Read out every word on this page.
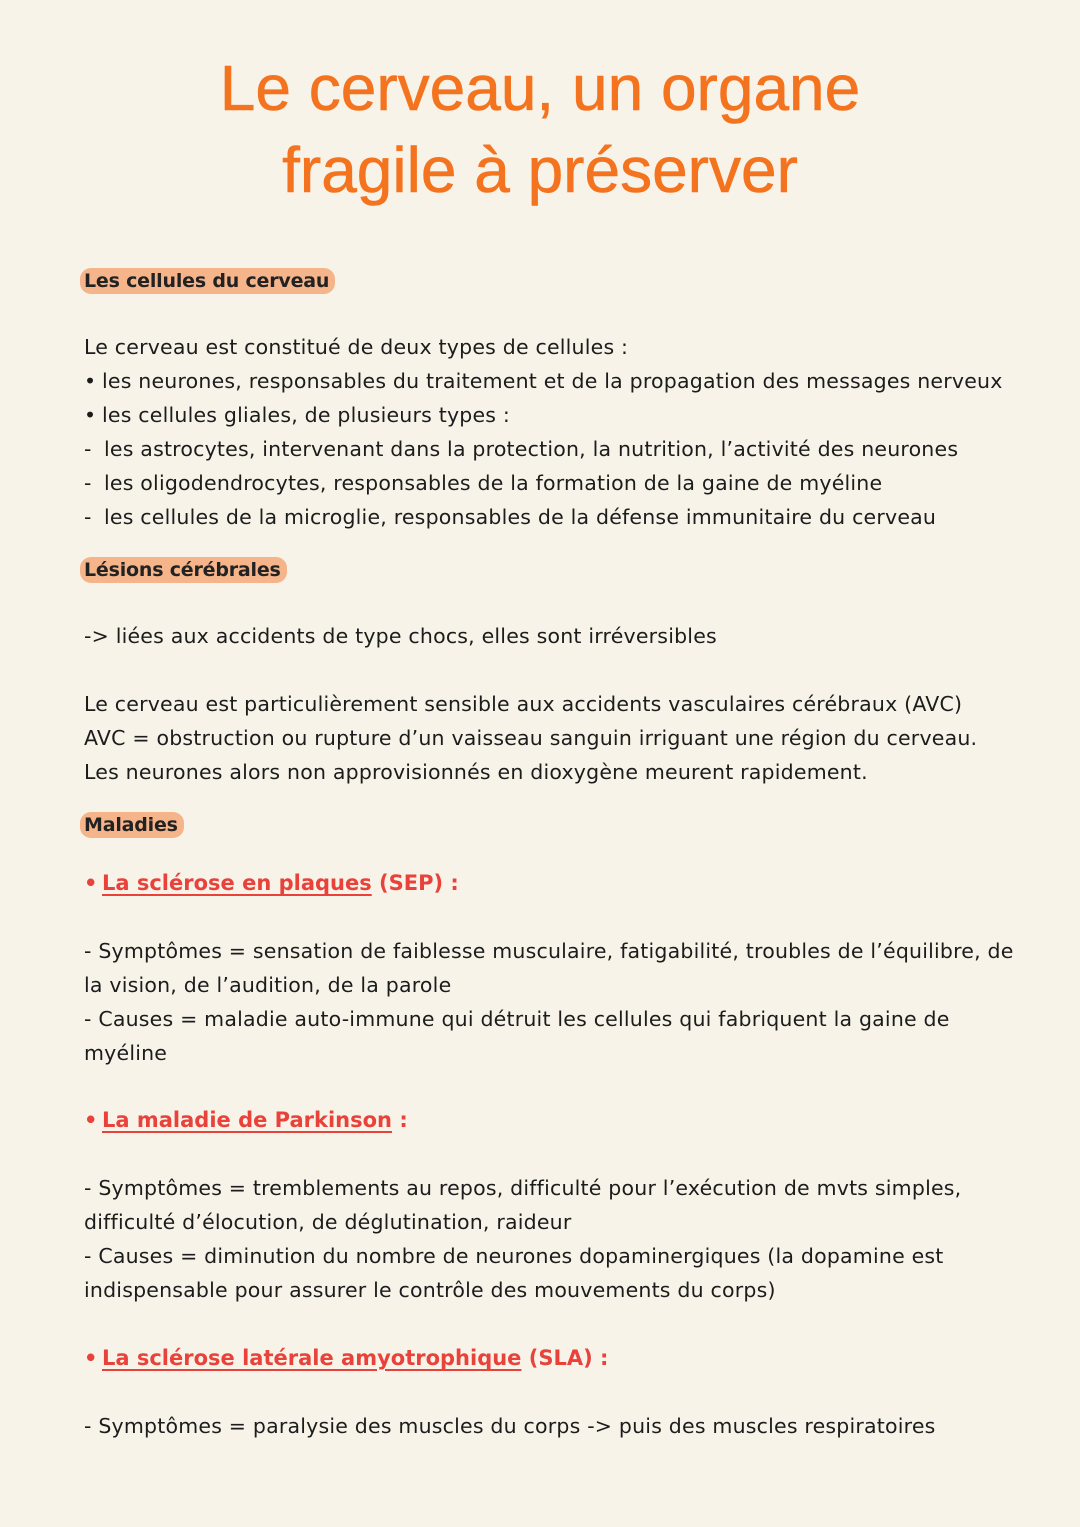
Le cerveau, un organe
fragile à préserver
Les cellules du cerveau
Le cerveau est constitué de deux types de cellules :
• les neurones, responsables du traitement et de la propagation des messages nerveux
• les cellules gliales, de plusieurs types :
- les astrocytes, intervenant dans la protection, la nutrition, l’activité des neurones
- les oligodendrocytes, responsables de la formation de la gaine de myéline
- les cellules de la microglie, responsables de la défense immunitaire du cerveau
Lésions cérébrales
-> liées aux accidents de type chocs, elles sont irréversibles
Le cerveau est particulièrement sensible aux accidents vasculaires cérébraux (AVC)
AVC = obstruction ou rupture d’un vaisseau sanguin irriguant une région du cerveau.
Les neurones alors non approvisionnés en dioxygène meurent rapidement.
Maladies
• La sclérose en plaques (SEP) :
- Symptômes = sensation de faiblesse musculaire, fatigabilité, troubles de l’équilibre, de
la vision, de l’audition, de la parole
- Causes = maladie auto-immune qui détruit les cellules qui fabriquent la gaine de
myéline
• La maladie de Parkinson :
- Symptômes = tremblements au repos, difficulté pour l’exécution de mvts simples,
difficulté d’élocution, de déglutination, raideur
- Causes = diminution du nombre de neurones dopaminergiques (la dopamine est
indispensable pour assurer le contrôle des mouvements du corps)
• La sclérose latérale amyotrophique (SLA) :
- Symptômes = paralysie des muscles du corps -> puis des muscles respiratoires
